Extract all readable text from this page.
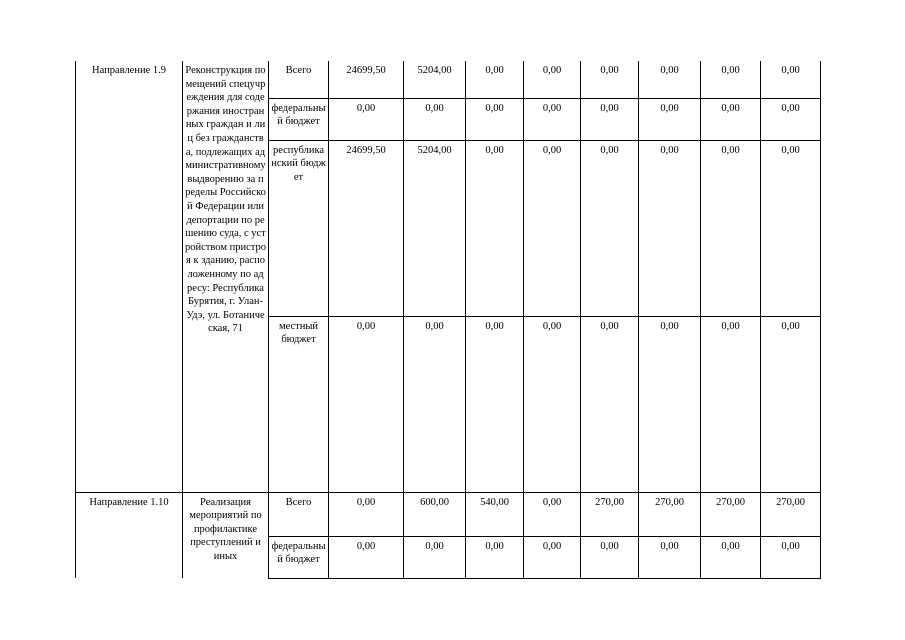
Направление 1.9	Реконструкция помещений спецучреждения для содержания иностранных граждан и лиц без гражданства, подлежащих административному выдворению за пределы Российской Федерации или депортации по решению суда, с устройством пристроя к зданию, расположенному по адресу: Республика Бурятия, г. Улан-Удэ, ул. Ботаническая, 71	Всего	24699,50	5204,00	0,00	0,00	0,00	0,00	0,00	0,00
		федеральный бюджет	0,00	0,00	0,00	0,00	0,00	0,00	0,00	0,00
		республиканский бюджет	24699,50	5204,00	0,00	0,00	0,00	0,00	0,00	0,00
		местный бюджет	0,00	0,00	0,00	0,00	0,00	0,00	0,00	0,00
Направление 1.10	Реализация мероприятий по профилактике преступлений и иных	Всего	0,00	600,00	540,00	0,00	270,00	270,00	270,00	270,00
		федеральный бюджет	0,00	0,00	0,00	0,00	0,00	0,00	0,00	0,00
